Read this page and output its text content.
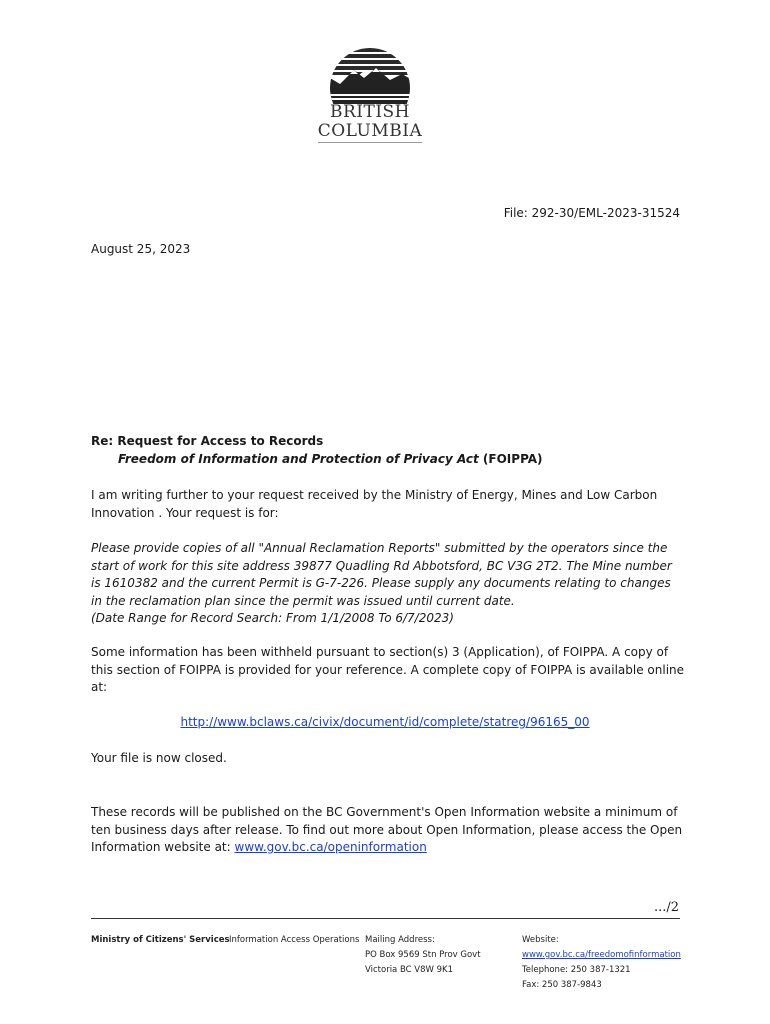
BRITISH
COLUMBIA
File: 292-30/EML-2023-31524
August 25, 2023
Re: Request for Access to Records
Freedom of Information and Protection of Privacy Act (FOIPPA)
I am writing further to your request received by the Ministry of Energy, Mines and Low Carbon Innovation . Your request is for:
Please provide copies of all "Annual Reclamation Reports" submitted by the operators since the start of work for this site address 39877 Quadling Rd Abbotsford, BC V3G 2T2. The Mine number is 1610382 and the current Permit is G-7-226. Please supply any documents relating to changes in the reclamation plan since the permit was issued until current date.
(Date Range for Record Search: From 1/1/2008 To 6/7/2023)
Some information has been withheld pursuant to section(s) 3 (Application), of FOIPPA. A copy of this section of FOIPPA is provided for your reference. A complete copy of FOIPPA is available online at:
http://www.bclaws.ca/civix/document/id/complete/statreg/96165_00
Your file is now closed.
These records will be published on the BC Government's Open Information website a minimum of ten business days after release. To find out more about Open Information, please access the Open Information website at: www.gov.bc.ca/openinformation
.../2
Ministry of Citizens' Services Information Access Operations Mailing Address:
PO Box 9569 Stn Prov Govt
Victoria BC V8W 9K1
Website:
www.gov.bc.ca/freedomofinformation
Telephone: 250 387-1321
Fax: 250 387-9843
